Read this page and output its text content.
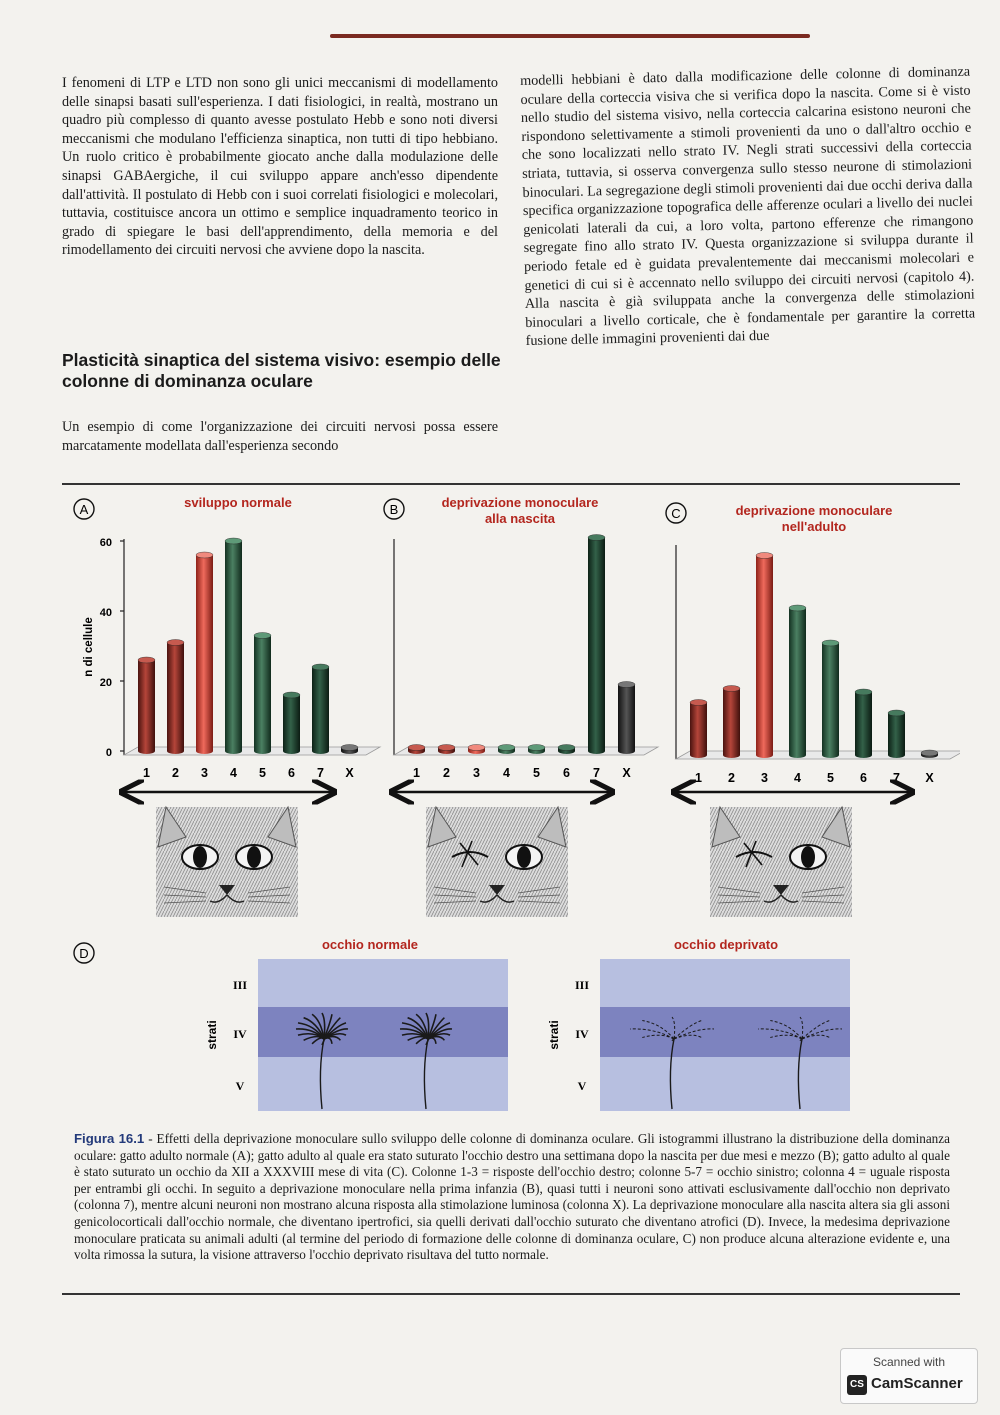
I fenomeni di LTP e LTD non sono gli unici meccanismi di modellamento delle sinapsi basati sull'esperienza. I dati fisiologici, in realtà, mostrano un quadro più complesso di quanto avesse postulato Hebb e sono noti diversi meccanismi che modulano l'efficienza sinaptica, non tutti di tipo hebbiano. Un ruolo critico è probabilmente giocato anche dalla modulazione delle sinapsi GABAergiche, il cui sviluppo appare anch'esso dipendente dall'attività. Il postulato di Hebb con i suoi correlati fisiologici e molecolari, tuttavia, costituisce ancora un ottimo e semplice inquadramento teorico in grado di spiegare le basi dell'apprendimento, della memoria e del rimodellamento dei circuiti nervosi che avviene dopo la nascita.

Plasticità sinaptica del sistema visivo: esempio delle colonne di dominanza oculare
Un esempio di come l'organizzazione dei circuiti nervosi possa essere marcatamente modellata dall'esperienza secondo

modelli hebbiani è dato dalla modificazione delle colonne di dominanza oculare della corteccia visiva che si verifica dopo la nascita. Come si è visto nello studio del sistema visivo, nella corteccia calcarina esistono neuroni che rispondono selettivamente a stimoli provenienti da uno o dall'altro occhio e che sono localizzati nello strato IV. Negli strati successivi della corteccia striata, tuttavia, si osserva convergenza sullo stesso neurone di stimolazioni binoculari. La segregazione degli stimoli provenienti dai due occhi deriva dalla specifica organizzazione topografica delle afferenze oculari a livello dei nuclei genicolati laterali da cui, a loro volta, partono efferenze che rimangono segregate fino allo strato IV. Questa organizzazione si sviluppa durante il periodo fetale ed è guidata prevalentemente dai meccanismi molecolari e genetici di cui si è accennato nello sviluppo dei circuiti nervosi (capitolo 4). Alla nascita è già sviluppata anche la convergenza delle stimolazioni binoculari a livello corticale, che è fondamentale per garantire la corretta fusione delle immagini provenienti dai due

A	B	C
D
sviluppo normale	deprivazione monoculare
alla nascita
deprivazione monoculare
nell'adulto
n di cellule
0
20
40
60
1 2 3 4 5 6 7 X	1 2 3 4 5 6 7 X	1 2 3 4 5 6 7 X
occhio normale	occhio deprivato
III
IV
V
strati
III
IV
V
strati
Figura 16.1 - Effetti della deprivazione monoculare sullo sviluppo delle colonne di dominanza oculare. Gli istogrammi illustrano la distribuzione della dominanza oculare: gatto adulto normale (A); gatto adulto al quale era stato suturato l'occhio destro una settimana dopo la nascita per due mesi e mezzo (B); gatto adulto al quale è stato suturato un occhio da XII a XXXVIII mese di vita (C). Colonne 1-3 = risposte dell'occhio destro; colonne 5-7 = occhio sinistro; colonna 4 = uguale risposta per entrambi gli occhi. In seguito a deprivazione monoculare nella prima infanzia (B), quasi tutti i neuroni sono attivati esclusivamente dall'occhio non deprivato (colonna 7), mentre alcuni neuroni non mostrano alcuna risposta alla stimolazione luminosa (colonna X). La deprivazione monoculare alla nascita altera sia gli assoni genicolocorticali dall'occhio normale, che diventano ipertrofici, sia quelli derivati dall'occhio suturato che diventano atrofici (D). Invece, la medesima deprivazione monoculare praticata su animali adulti (al termine del periodo di formazione delle colonne di dominanza oculare, C) non produce alcuna alterazione evidente e, una volta rimossa la sutura, la visione attraverso l'occhio deprivato risultava del tutto normale.
Scanned with
CS CamScanner
